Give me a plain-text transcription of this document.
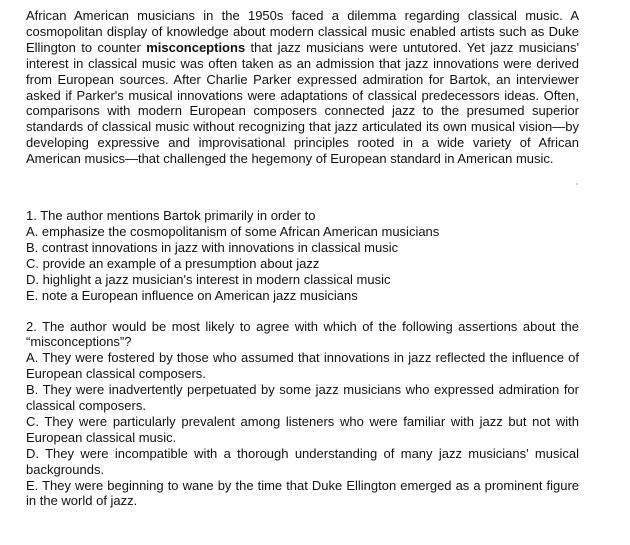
African American musicians in the 1950s faced a dilemma regarding classical music. A cosmopolitan display of knowledge about modern classical music enabled artists such as Duke Ellington to counter misconceptions that jazz musicians were untutored. Yet jazz musicians' interest in classical music was often taken as an admission that jazz innovations were derived from European sources. After Charlie Parker expressed admiration for Bartok, an interviewer asked if Parker's musical innovations were adaptations of classical predecessors ideas. Often, comparisons with modern European composers connected jazz to the presumed superior standards of classical music without recognizing that jazz articulated its own musical vision—by developing expressive and improvisational principles rooted in a wide variety of African American musics—that challenged the hegemony of European standard in American music.

1. The author mentions Bartok primarily in order to

A. emphasize the cosmopolitanism of some African American musicians

B. contrast innovations in jazz with innovations in classical music

C. provide an example of a presumption about jazz

D. highlight a jazz musician's interest in modern classical music

E. note a European influence on American jazz musicians

2. The author would be most likely to agree with which of the following assertions about the “misconceptions”?

A. They were fostered by those who assumed that innovations in jazz reflected the influence of European classical composers.

B. They were inadvertently perpetuated by some jazz musicians who expressed admiration for classical composers.

C. They were particularly prevalent among listeners who were familiar with jazz but not with European classical music.

D. They were incompatible with a thorough understanding of many jazz musicians' musical backgrounds.

E. They were beginning to wane by the time that Duke Ellington emerged as a prominent figure in the world of jazz.
